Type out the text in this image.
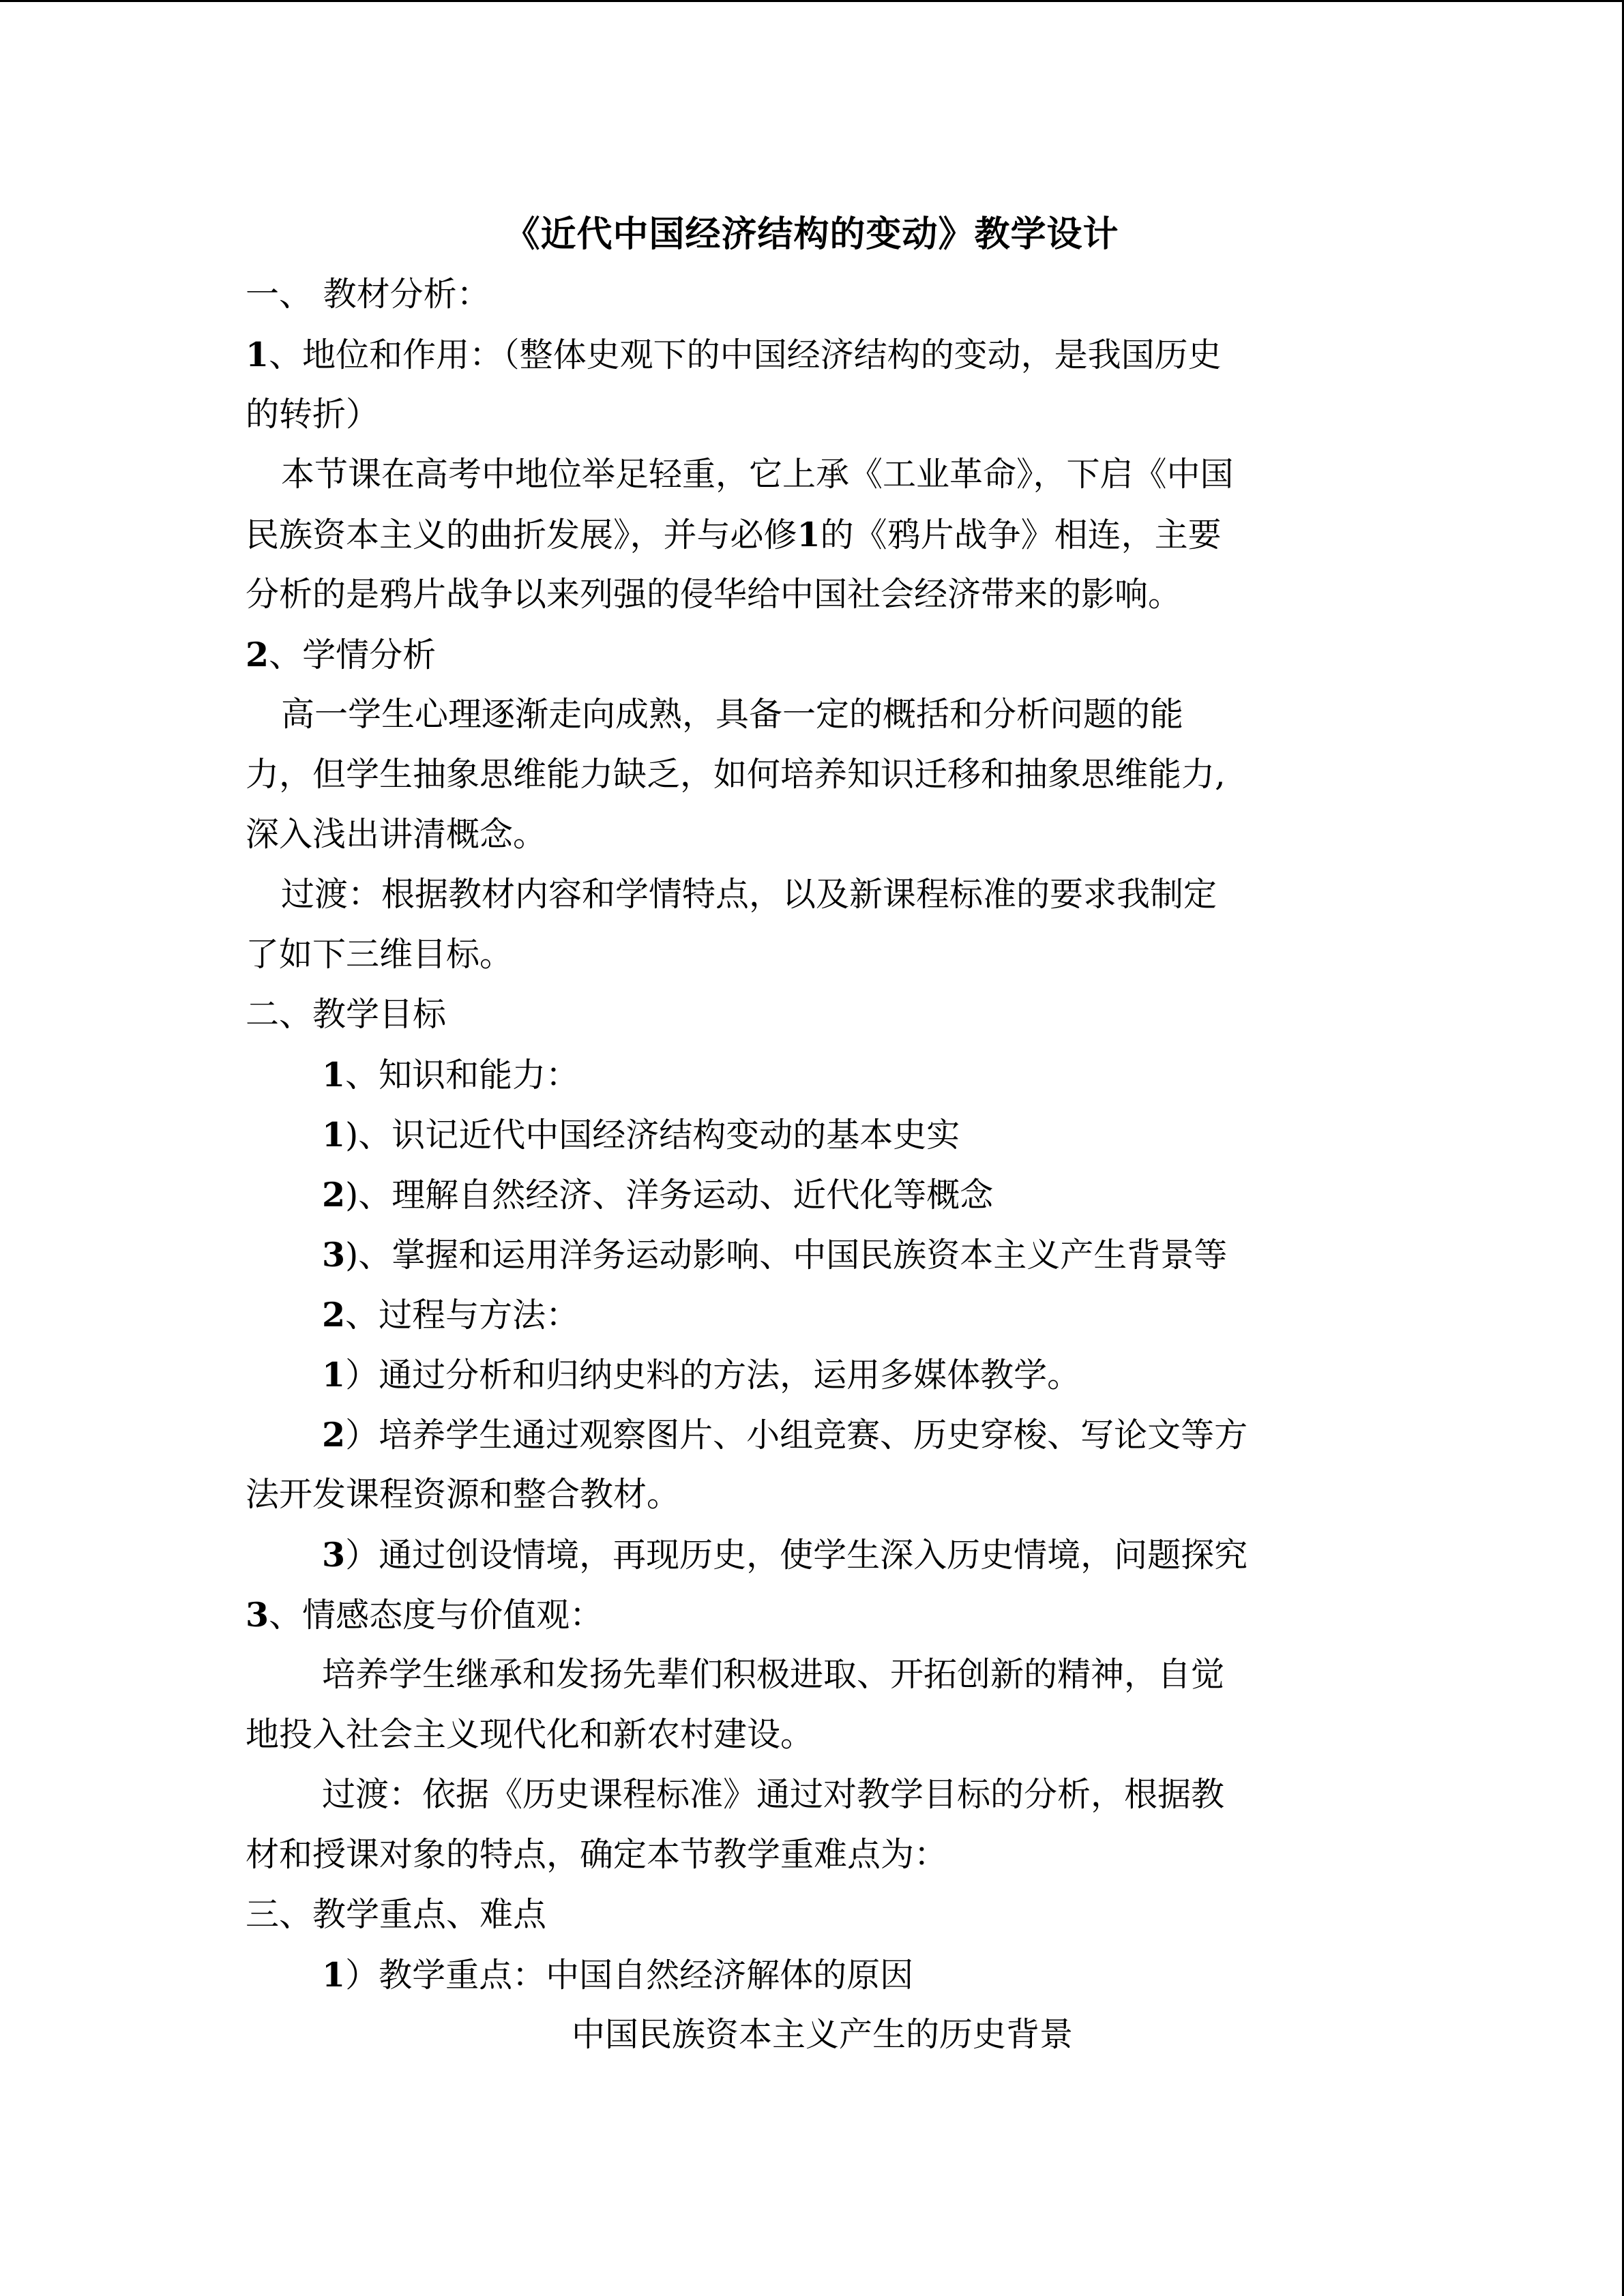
《近代中国经济结构的变动》教学设计

一、 教材分析：

1、地位和作用：（整体史观下的中国经济结构的变动，是我国历史

的转折）

本节课在高考中地位举足轻重，它上承《工业革命》，下启《中国

民族资本主义的曲折发展》，并与必修1的《鸦片战争》相连，主要

分析的是鸦片战争以来列强的侵华给中国社会经济带来的影响。

2、学情分析

高一学生心理逐渐走向成熟，具备一定的概括和分析问题的能

力，但学生抽象思维能力缺乏，如何培养知识迁移和抽象思维能力,

深入浅出讲清概念。

过渡：根据教材内容和学情特点，以及新课程标准的要求我制定

了如下三维目标。

二、教学目标

1、知识和能力：

1)、识记近代中国经济结构变动的基本史实

2)、理解自然经济、洋务运动、近代化等概念

3)、掌握和运用洋务运动影响、中国民族资本主义产生背景等

2、过程与方法：

1）通过分析和归纳史料的方法，运用多媒体教学。

2）培养学生通过观察图片、小组竞赛、历史穿梭、写论文等方

法开发课程资源和整合教材。

3）通过创设情境，再现历史，使学生深入历史情境，问题探究

3、情感态度与价值观：

培养学生继承和发扬先辈们积极进取、开拓创新的精神，自觉

地投入社会主义现代化和新农村建设。

过渡：依据《历史课程标准》通过对教学目标的分析，根据教

材和授课对象的特点，确定本节教学重难点为：

三、教学重点、难点

1）教学重点：中国自然经济解体的原因

中国民族资本主义产生的历史背景
